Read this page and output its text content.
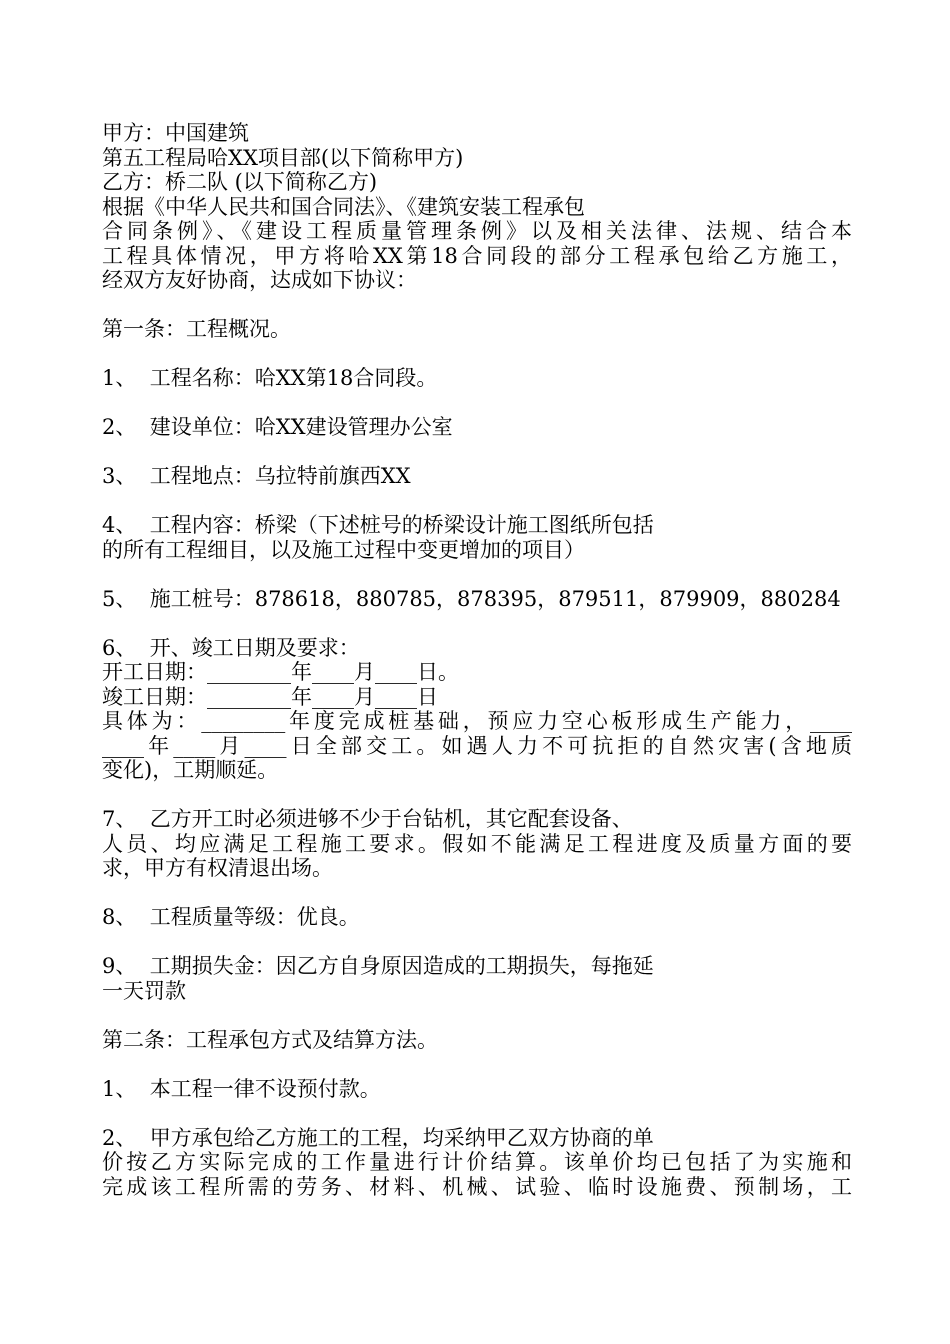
甲方：中国建筑
第五工程局哈XX项目部(以下简称甲方)
乙方：桥二队 (以下简称乙方)
根据《中华人民共和国合同法》、《建筑安装工程承包
合同条例》、《建设工程质量管理条例》以及相关法律、法规、结合本
工程具体情况，甲方将哈XX第18合同段的部分工程承包给乙方施工，
经双方友好协商，达成如下协议：
第一条：工程概况。
1、  工程名称：哈XX第18合同段。
2、  建设单位：哈XX建设管理办公室
3、  工程地点：乌拉特前旗西XX
4、  工程内容：桥梁（下述桩号的桥梁设计施工图纸所包括
的所有工程细目，以及施工过程中变更增加的项目）
5、  施工桩号：878618，880785，878395，879511，879909，880284
6、  开、竣工日期及要求：
开工日期：________年____月____日。
竣工日期：________年____月____日
具体为：________年度完成桩基础，预应力空心板形成生产能力，____
____年____月____日全部交工。如遇人力不可抗拒的自然灾害(含地质
变化)，工期顺延。
7、  乙方开工时必须进够不少于台钻机，其它配套设备、
人员、均应满足工程施工要求。假如不能满足工程进度及质量方面的要
求，甲方有权清退出场。
8、  工程质量等级：优良。
9、  工期损失金：因乙方自身原因造成的工期损失，每拖延
一天罚款
第二条：工程承包方式及结算方法。
1、  本工程一律不设预付款。
2、  甲方承包给乙方施工的工程，均采纳甲乙双方协商的单
价按乙方实际完成的工作量进行计价结算。该单价均已包括了为实施和
完成该工程所需的劳务、材料、机械、试验、临时设施费、预制场，工
